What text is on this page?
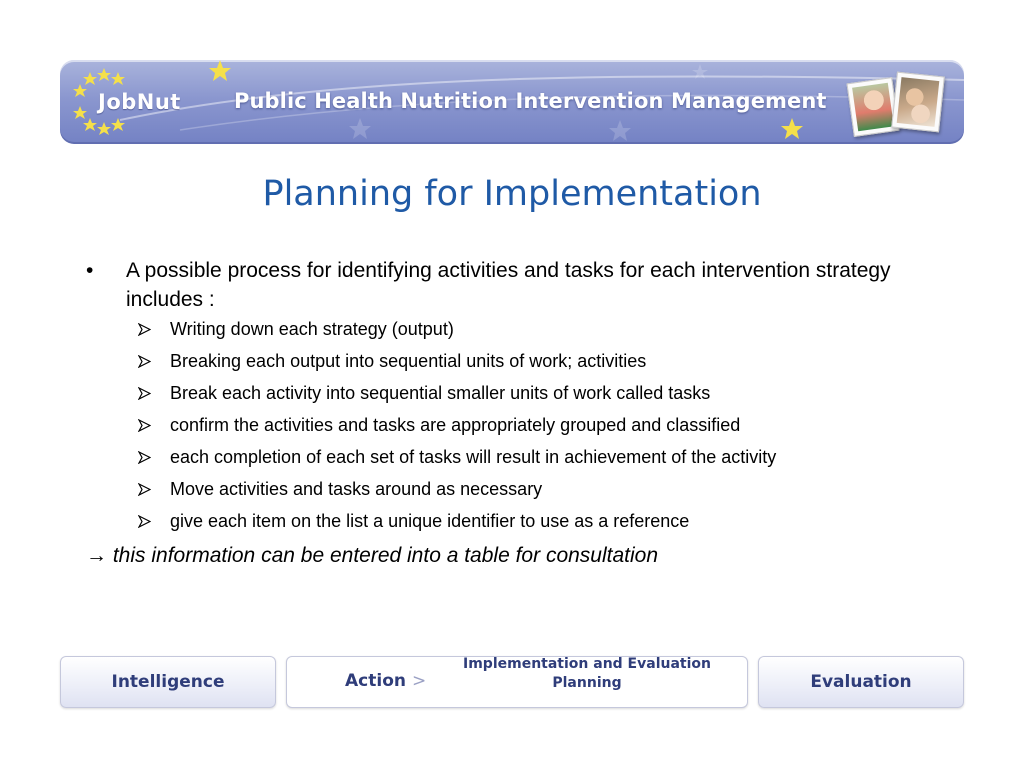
JobNut	Public Health Nutrition Intervention Management
Planning for Implementation

• A possible process for identifying activities and tasks for each intervention strategy includes :

Writing down each strategy (output)
Breaking each output into sequential units of work; activities
Break each activity into sequential smaller units of work called tasks
confirm the activities and tasks are appropriately grouped and classified
each completion of each set of tasks will result in achievement of the activity
Move activities and tasks around as necessary
give each item on the list a unique identifier to use as a reference

→ this information can be entered into a table for consultation

Intelligence	Action >
Implementation and Evaluation
Planning	Evaluation
